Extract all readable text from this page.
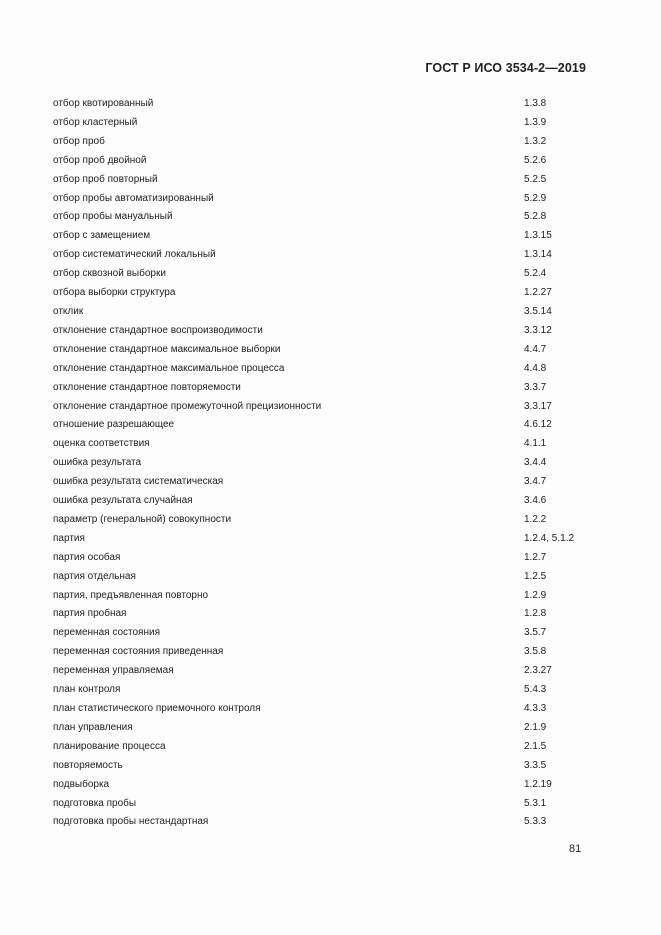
ГОСТ Р ИСО 3534-2—2019
отбор квотированный	1.3.8
отбор кластерный	1.3.9
отбор проб	1.3.2
отбор проб двойной	5.2.6
отбор проб повторный	5.2.5
отбор пробы автоматизированный	5.2.9
отбор пробы мануальный	5.2.8
отбор с замещением	1.3.15
отбор систематический локальный	1.3.14
отбор сквозной выборки	5.2.4
отбора выборки структура	1.2.27
отклик	3.5.14
отклонение стандартное воспроизводимости	3.3.12
отклонение стандартное максимальное выборки	4.4.7
отклонение стандартное максимальное процесса	4.4.8
отклонение стандартное повторяемости	3.3.7
отклонение стандартное промежуточной прецизионности	3.3.17
отношение разрешающее	4.6.12
оценка соответствия	4.1.1
ошибка результата	3.4.4
ошибка результата систематическая	3.4.7
ошибка результата случайная	3.4.6
параметр (генеральной) совокупности	1.2.2
партия	1.2.4, 5.1.2
партия особая	1.2.7
партия отдельная	1.2.5
партия, предъявленная повторно	1.2.9
партия пробная	1.2.8
переменная состояния	3.5.7
переменная состояния приведенная	3.5.8
переменная управляемая	2.3.27
план контроля	5.4.3
план статистического приемочного контроля	4.3.3
план управления	2.1.9
планирование процесса	2.1.5
повторяемость	3.3.5
подвыборка	1.2.19
подготовка пробы	5.3.1
подготовка пробы нестандартная	5.3.3
81
